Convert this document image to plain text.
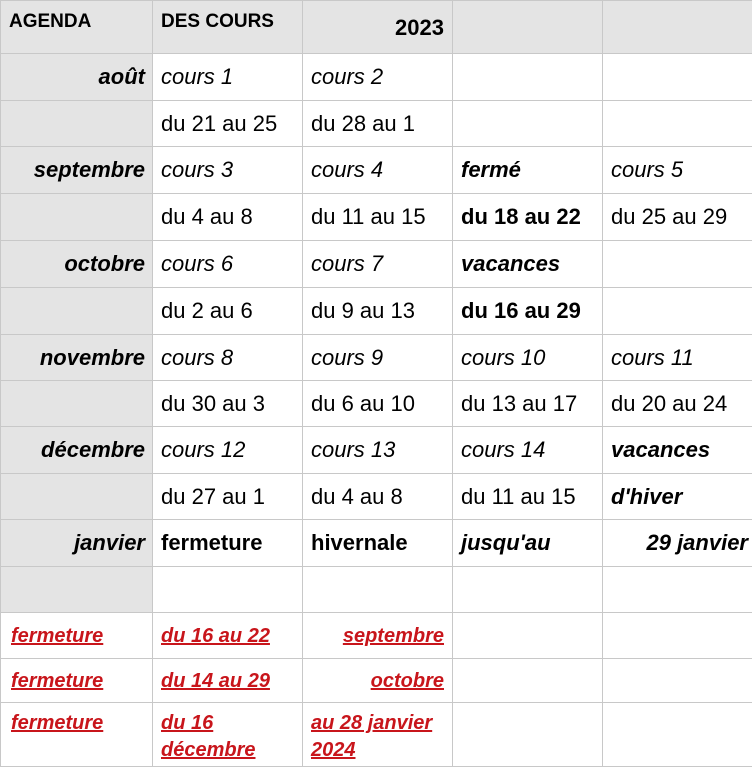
AGENDA	DES COURS	2023		
août	cours 1	cours 2		
	du 21 au 25	du 28 au 1		
septembre	cours 3	cours 4	fermé	cours 5
	du 4 au 8	du 11 au 15	du 18 au 22	du 25 au 29
octobre	cours 6	cours 7	vacances	
	du 2 au 6	du 9 au 13	du 16 au 29	
novembre	cours 8	cours 9	cours 10	cours 11
	du 30 au 3	du 6 au 10	du 13 au 17	du 20 au 24
décembre	cours 12	cours 13	cours 14	vacances
	du 27 au 1	du 4 au 8	du 11 au 15	d'hiver
janvier	fermeture	hivernale	jusqu'au	29 janvier

fermeture	du 16 au 22	septembre		
fermeture	du 14 au 29	octobre		
fermeture	du 16 décembre	au 28 janvier 2024		
